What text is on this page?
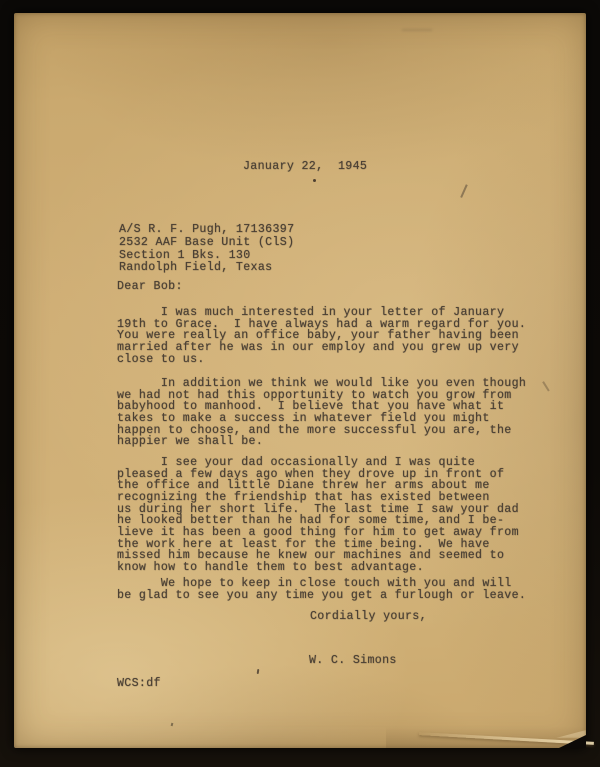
January 22,  1945
A/S R. F. Pugh, 17136397
2532 AAF Base Unit (ClS)
Section 1 Bks. 130
Randolph Field, Texas
Dear Bob:
I was much interested in your letter of January
19th to Grace.  I have always had a warm regard for you.
You were really an office baby, your father having been
married after he was in our employ and you grew up very
close to us.
In addition we think we would like you even though
we had not had this opportunity to watch you grow from
babyhood to manhood.  I believe that you have what it
takes to make a success in whatever field you might
happen to choose, and the more successful you are, the
happier we shall be.
I see your dad occasionally and I was quite
pleased a few days ago when they drove up in front of
the office and little Diane threw her arms about me
recognizing the friendship that has existed between
us during her short life.  The last time I saw your dad
he looked better than he had for some time, and I be-
lieve it has been a good thing for him to get away from
the work here at least for the time being.  We have
missed him because he knew our machines and seemed to
know how to handle them to best advantage.
We hope to keep in close touch with you and will
be glad to see you any time you get a furlough or leave.
Cordially yours,
W. C. Simons
WCS:df
